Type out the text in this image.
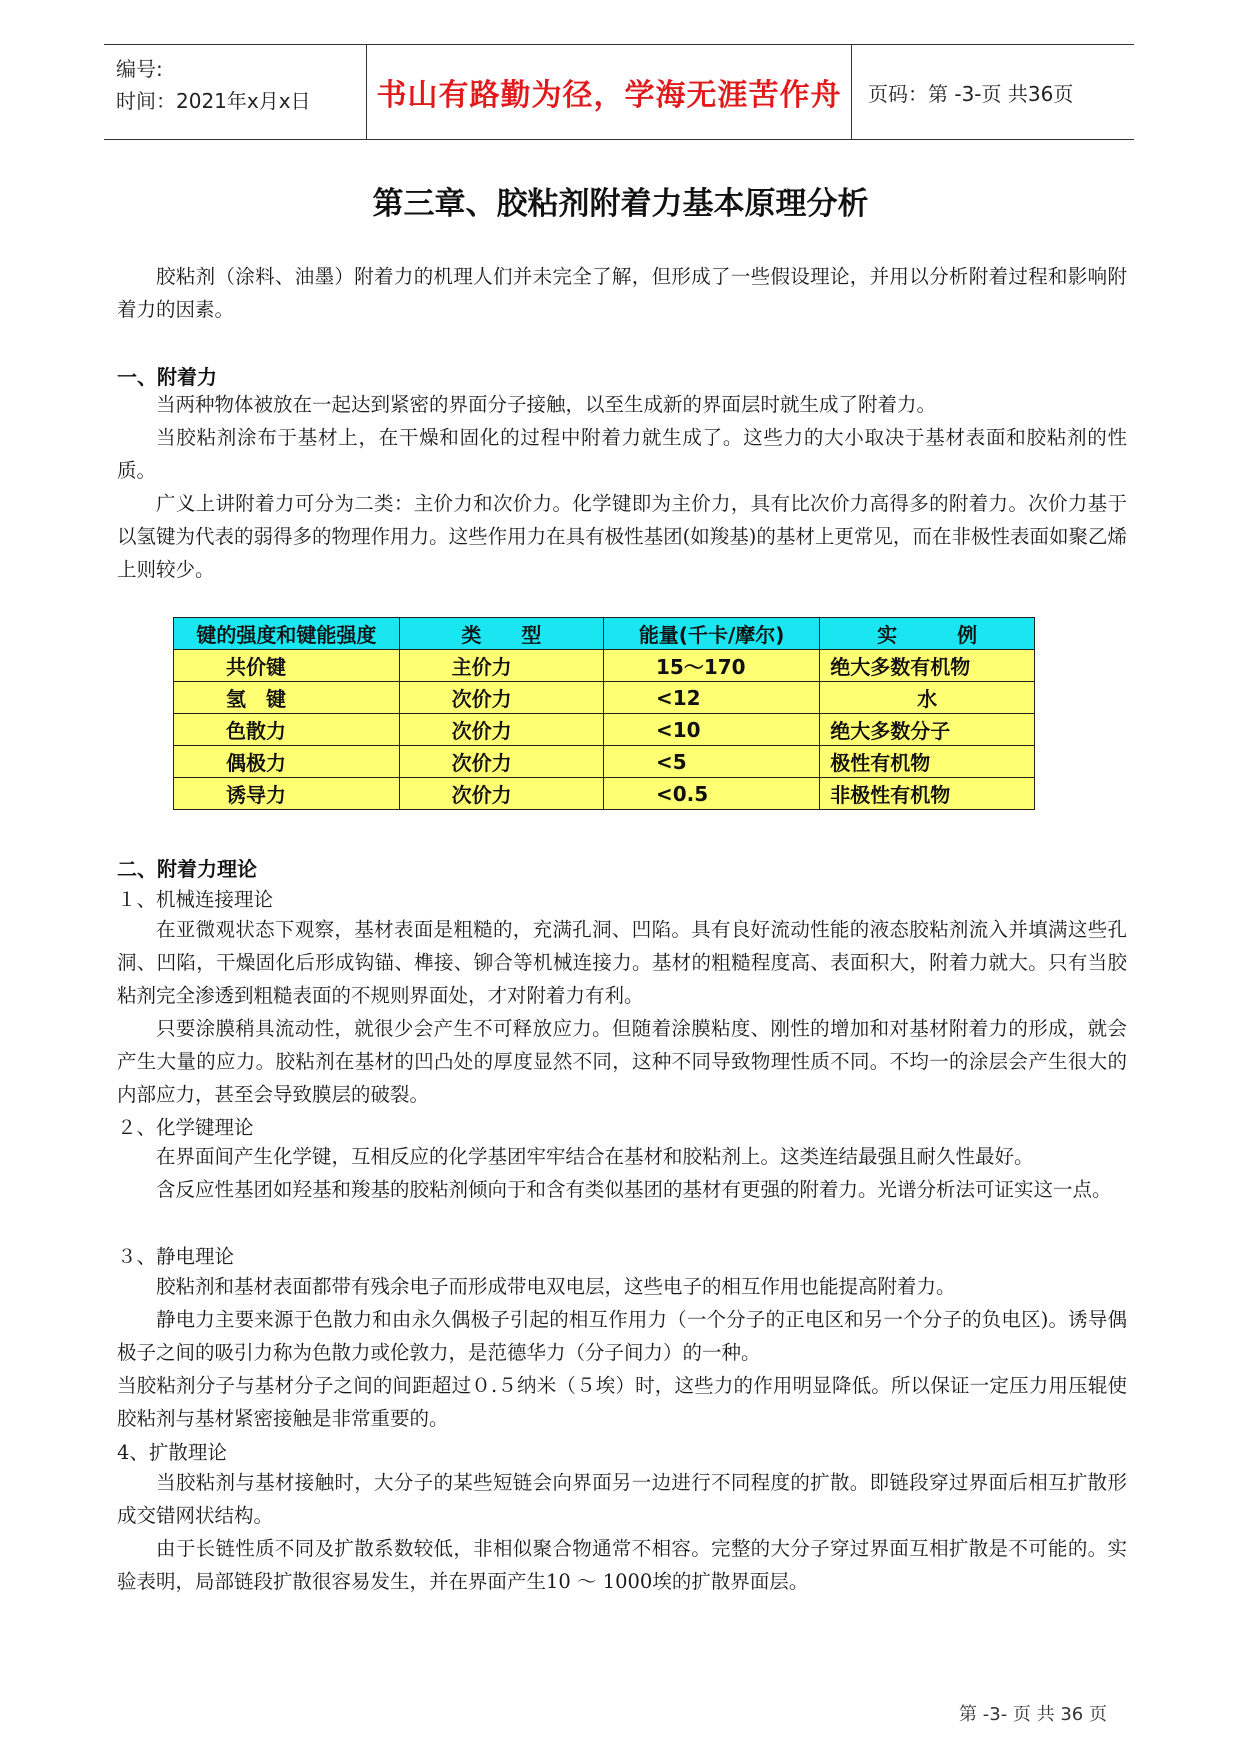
编号:
时间：2021年x月x日 书山有路勤为径，学海无涯苦作舟	页码：第 -3-页 共36页
第三章、胶粘剂附着力基本原理分析
胶粘剂（涂料、油墨）附着力的机理人们并未完全了解，但形成了一些假设理论，并用以分析附着过程和影响附着力的因素。
一、附着力
当两种物体被放在一起达到紧密的界面分子接触，以至生成新的界面层时就生成了附着力。
当胶粘剂涂布于基材上，在干燥和固化的过程中附着力就生成了。这些力的大小取决于基材表面和胶粘剂的性质。
广义上讲附着力可分为二类：主价力和次价力。化学键即为主价力，具有比次价力高得多的附着力。次价力基于以氢键为代表的弱得多的物理作用力。这些作用力在具有极性基团(如羧基)的基材上更常见，而在非极性表面如聚乙烯上则较少。
键的强度和键能强度	类　　型	能量(千卡/摩尔)	实　　　例
共价键	主价力	15～170	绝大多数有机物
氢　键	次价力	<12	水
色散力	次价力	<10	绝大多数分子
偶极力	次价力	<5	极性有机物
诱导力	次价力	<0.5	非极性有机物
二、附着力理论
１、机械连接理论
在亚微观状态下观察，基材表面是粗糙的，充满孔洞、凹陷。具有良好流动性能的液态胶粘剂流入并填满这些孔洞、凹陷，干燥固化后形成钩锚、榫接、铆合等机械连接力。基材的粗糙程度高、表面积大，附着力就大。只有当胶粘剂完全渗透到粗糙表面的不规则界面处，才对附着力有利。
只要涂膜稍具流动性，就很少会产生不可释放应力。但随着涂膜粘度、刚性的增加和对基材附着力的形成，就会产生大量的应力。胶粘剂在基材的凹凸处的厚度显然不同，这种不同导致物理性质不同。不均一的涂层会产生很大的内部应力，甚至会导致膜层的破裂。
２、化学键理论
在界面间产生化学键，互相反应的化学基团牢牢结合在基材和胶粘剂上。这类连结最强且耐久性最好。
含反应性基团如羟基和羧基的胶粘剂倾向于和含有类似基团的基材有更强的附着力。光谱分析法可证实这一点。
３、静电理论
胶粘剂和基材表面都带有残余电子而形成带电双电层，这些电子的相互作用也能提高附着力。
静电力主要来源于色散力和由永久偶极子引起的相互作用力（一个分子的正电区和另一个分子的负电区)。诱导偶极子之间的吸引力称为色散力或伦敦力，是范德华力（分子间力）的一种。
当胶粘剂分子与基材分子之间的间距超过０.５纳米（５埃）时，这些力的作用明显降低。所以保证一定压力用压辊使胶粘剂与基材紧密接触是非常重要的。
4、扩散理论
当胶粘剂与基材接触时，大分子的某些短链会向界面另一边进行不同程度的扩散。即链段穿过界面后相互扩散形成交错网状结构。
由于长链性质不同及扩散系数较低，非相似聚合物通常不相容。完整的大分子穿过界面互相扩散是不可能的。实验表明，局部链段扩散很容易发生，并在界面产生10 ～ 1000埃的扩散界面层。
第 -3- 页 共 36 页
